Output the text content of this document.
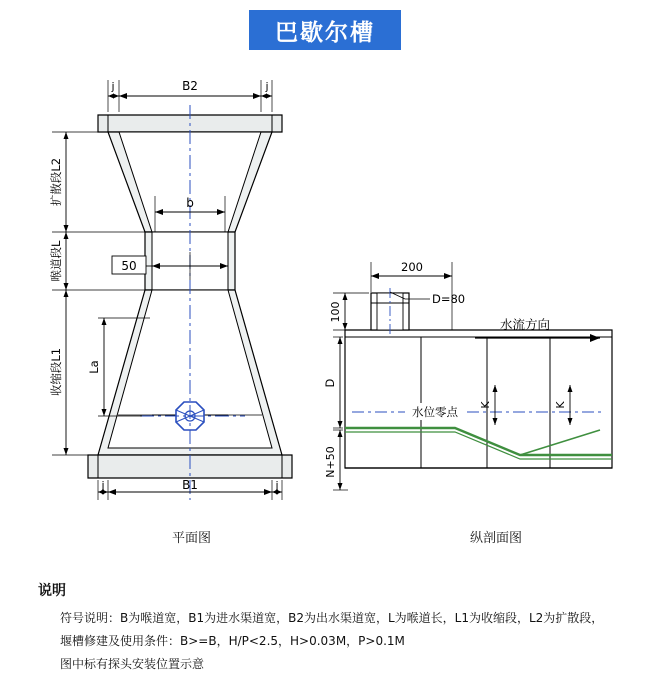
巴歇尔槽
j	B2	j
j	B1	j
扩散段L2
喉道段L
收缩段L1 La
b
50
水流方向
水位零点
200
D=80
100
D
N+50
K	K
平面图	纵剖面图
说明

符号说明：B为喉道宽，B1为进水渠道宽，B2为出水渠道宽，L为喉道长，L1为收缩段，L2为扩散段，

堰槽修建及使用条件：B>=B，H/P<2.5，H>0.03M，P>0.1M

图中标有探头安装位置示意
